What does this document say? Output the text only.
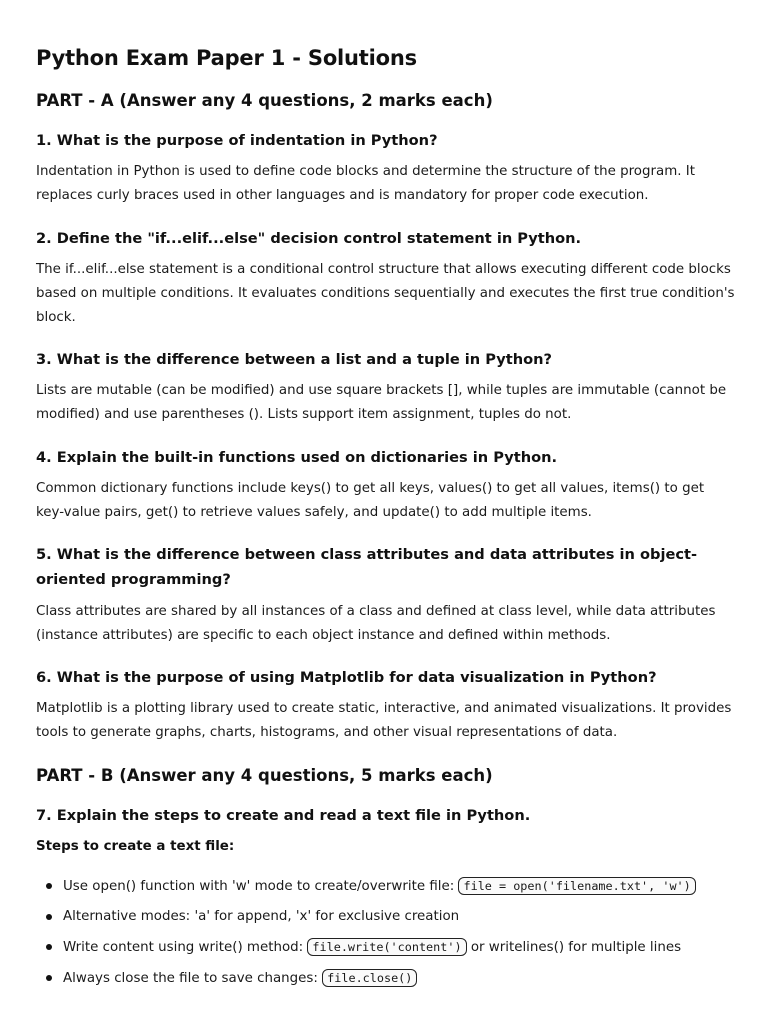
Python Exam Paper 1 - Solutions
PART - A (Answer any 4 questions, 2 marks each)
1. What is the purpose of indentation in Python?

Indentation in Python is used to define code blocks and determine the structure of the program. It replaces curly braces used in other languages and is mandatory for proper code execution.

2. Define the "if...elif...else" decision control statement in Python.

The if...elif...else statement is a conditional control structure that allows executing different code blocks based on multiple conditions. It evaluates conditions sequentially and executes the first true condition's block.

3. What is the difference between a list and a tuple in Python?

Lists are mutable (can be modified) and use square brackets [], while tuples are immutable (cannot be modified) and use parentheses (). Lists support item assignment, tuples do not.

4. Explain the built-in functions used on dictionaries in Python.

Common dictionary functions include keys() to get all keys, values() to get all values, items() to get key-value pairs, get() to retrieve values safely, and update() to add multiple items.

5. What is the difference between class attributes and data attributes in object-oriented programming?

Class attributes are shared by all instances of a class and defined at class level, while data attributes (instance attributes) are specific to each object instance and defined within methods.

6. What is the purpose of using Matplotlib for data visualization in Python?

Matplotlib is a plotting library used to create static, interactive, and animated visualizations. It provides tools to generate graphs, charts, histograms, and other visual representations of data.

PART - B (Answer any 4 questions, 5 marks each)
7. Explain the steps to create and read a text file in Python.

Steps to create a text file:

Use open() function with 'w' mode to create/overwrite file: file = open('filename.txt', 'w')
Alternative modes: 'a' for append, 'x' for exclusive creation
Write content using write() method: file.write('content') or writelines() for multiple lines
Always close the file to save changes: file.close()
